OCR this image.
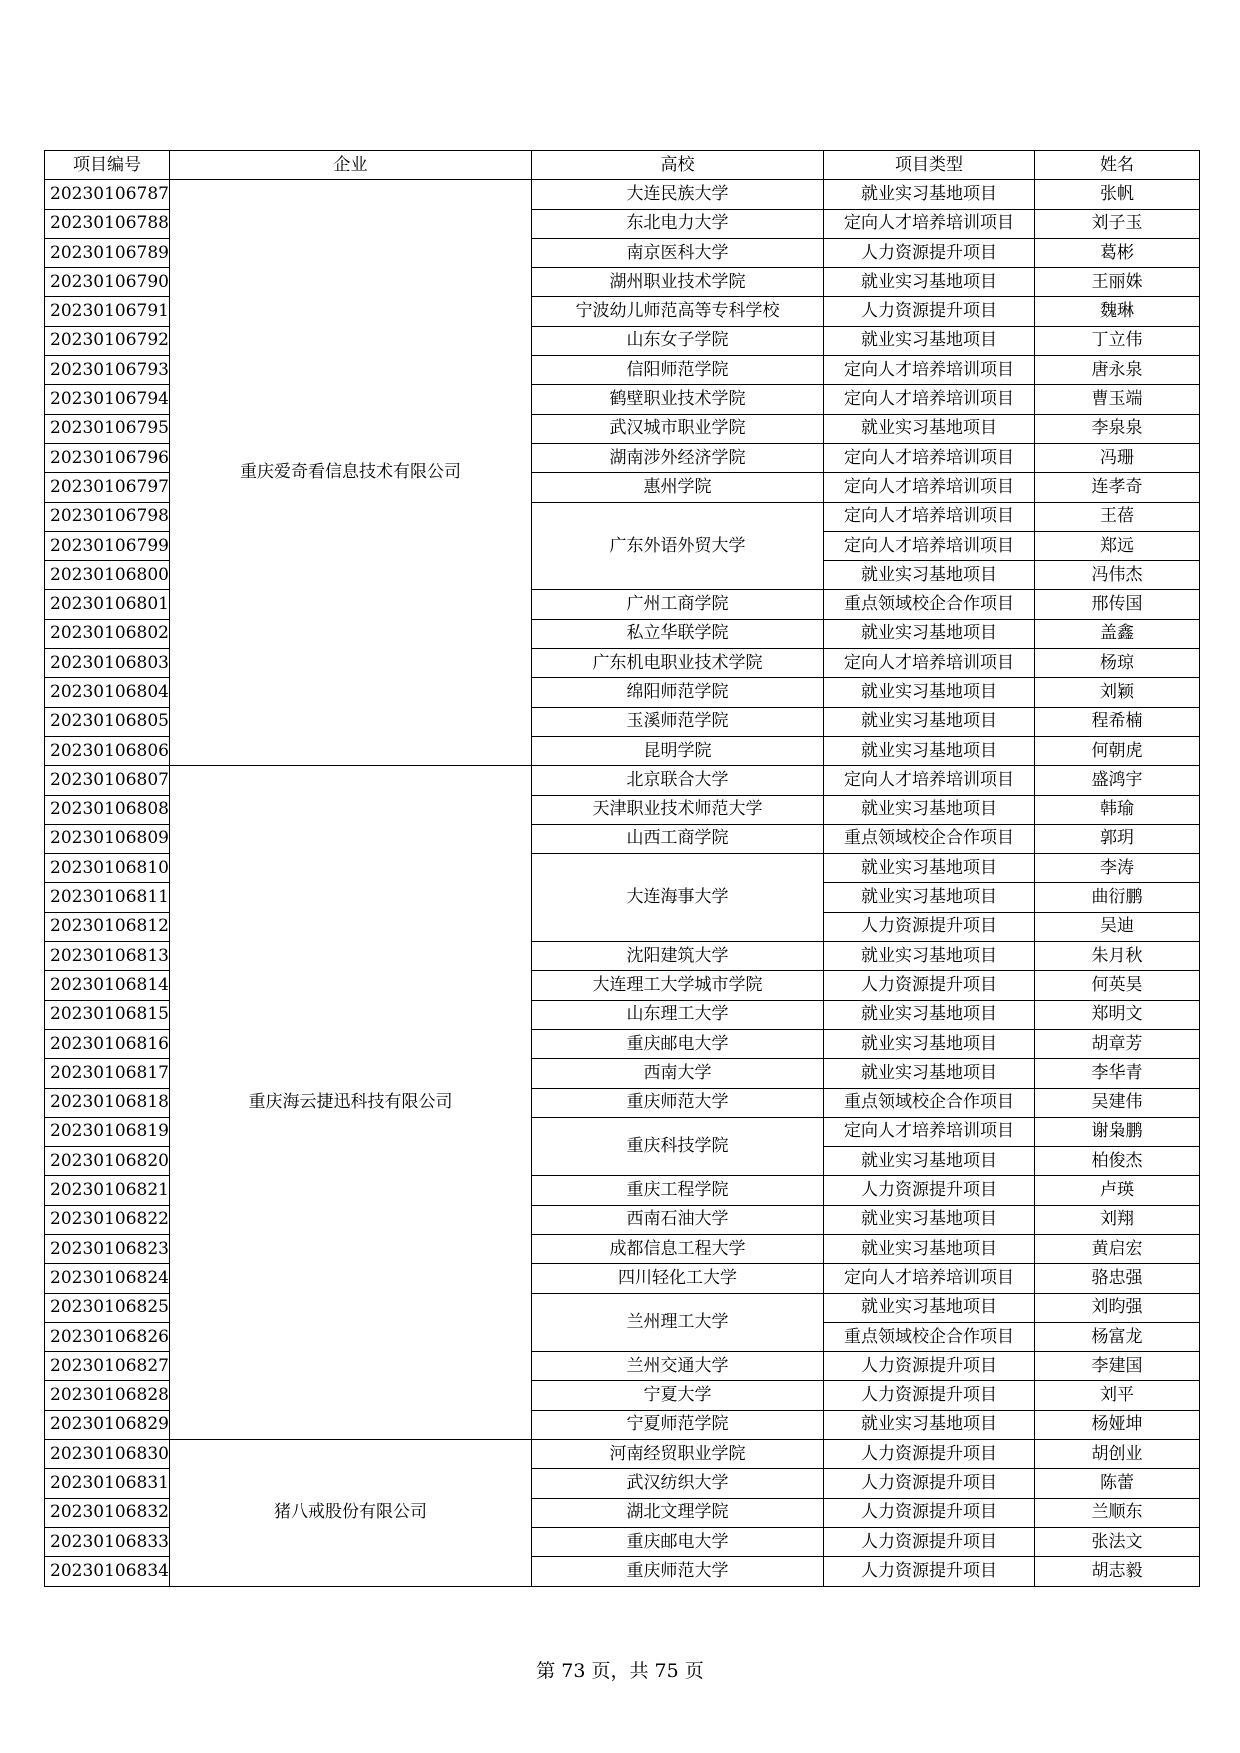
项目编号	企业	高校	项目类型	姓名
20230106787	重庆爱奇看信息技术有限公司	大连民族大学	就业实习基地项目	张帆
20230106788		东北电力大学	定向人才培养培训项目	刘子玉
20230106789		南京医科大学	人力资源提升项目	葛彬
20230106790		湖州职业技术学院	就业实习基地项目	王丽姝
20230106791		宁波幼儿师范高等专科学校	人力资源提升项目	魏琳
20230106792		山东女子学院	就业实习基地项目	丁立伟
20230106793		信阳师范学院	定向人才培养培训项目	唐永泉
20230106794		鹤壁职业技术学院	定向人才培养培训项目	曹玉端
20230106795		武汉城市职业学院	就业实习基地项目	李泉泉
20230106796		湖南涉外经济学院	定向人才培养培训项目	冯珊
20230106797		惠州学院	定向人才培养培训项目	连孝奇
20230106798		广东外语外贸大学	定向人才培养培训项目	王蓓
20230106799			定向人才培养培训项目	郑远
20230106800			就业实习基地项目	冯伟杰
20230106801		广州工商学院	重点领域校企合作项目	邢传国
20230106802		私立华联学院	就业实习基地项目	盖鑫
20230106803		广东机电职业技术学院	定向人才培养培训项目	杨琼
20230106804		绵阳师范学院	就业实习基地项目	刘颖
20230106805		玉溪师范学院	就业实习基地项目	程希楠
20230106806		昆明学院	就业实习基地项目	何朝虎
20230106807	重庆海云捷迅科技有限公司	北京联合大学	定向人才培养培训项目	盛鸿宇
20230106808		天津职业技术师范大学	就业实习基地项目	韩瑜
20230106809		山西工商学院	重点领域校企合作项目	郭玥
20230106810		大连海事大学	就业实习基地项目	李涛
20230106811			就业实习基地项目	曲衍鹏
20230106812			人力资源提升项目	吴迪
20230106813		沈阳建筑大学	就业实习基地项目	朱月秋
20230106814		大连理工大学城市学院	人力资源提升项目	何英昊
20230106815		山东理工大学	就业实习基地项目	郑明文
20230106816		重庆邮电大学	就业实习基地项目	胡章芳
20230106817		西南大学	就业实习基地项目	李华青
20230106818		重庆师范大学	重点领域校企合作项目	吴建伟
20230106819		重庆科技学院	定向人才培养培训项目	谢枭鹏
20230106820			就业实习基地项目	柏俊杰
20230106821		重庆工程学院	人力资源提升项目	卢瑛
20230106822		西南石油大学	就业实习基地项目	刘翔
20230106823		成都信息工程大学	就业实习基地项目	黄启宏
20230106824		四川轻化工大学	定向人才培养培训项目	骆忠强
20230106825		兰州理工大学	就业实习基地项目	刘昀强
20230106826			重点领域校企合作项目	杨富龙
20230106827		兰州交通大学	人力资源提升项目	李建国
20230106828		宁夏大学	人力资源提升项目	刘平
20230106829		宁夏师范学院	就业实习基地项目	杨娅坤
20230106830	猪八戒股份有限公司	河南经贸职业学院	人力资源提升项目	胡创业
20230106831		武汉纺织大学	人力资源提升项目	陈蕾
20230106832		湖北文理学院	人力资源提升项目	兰顺东
20230106833		重庆邮电大学	人力资源提升项目	张法文
20230106834		重庆师范大学	人力资源提升项目	胡志毅
第 73 页，共 75 页
